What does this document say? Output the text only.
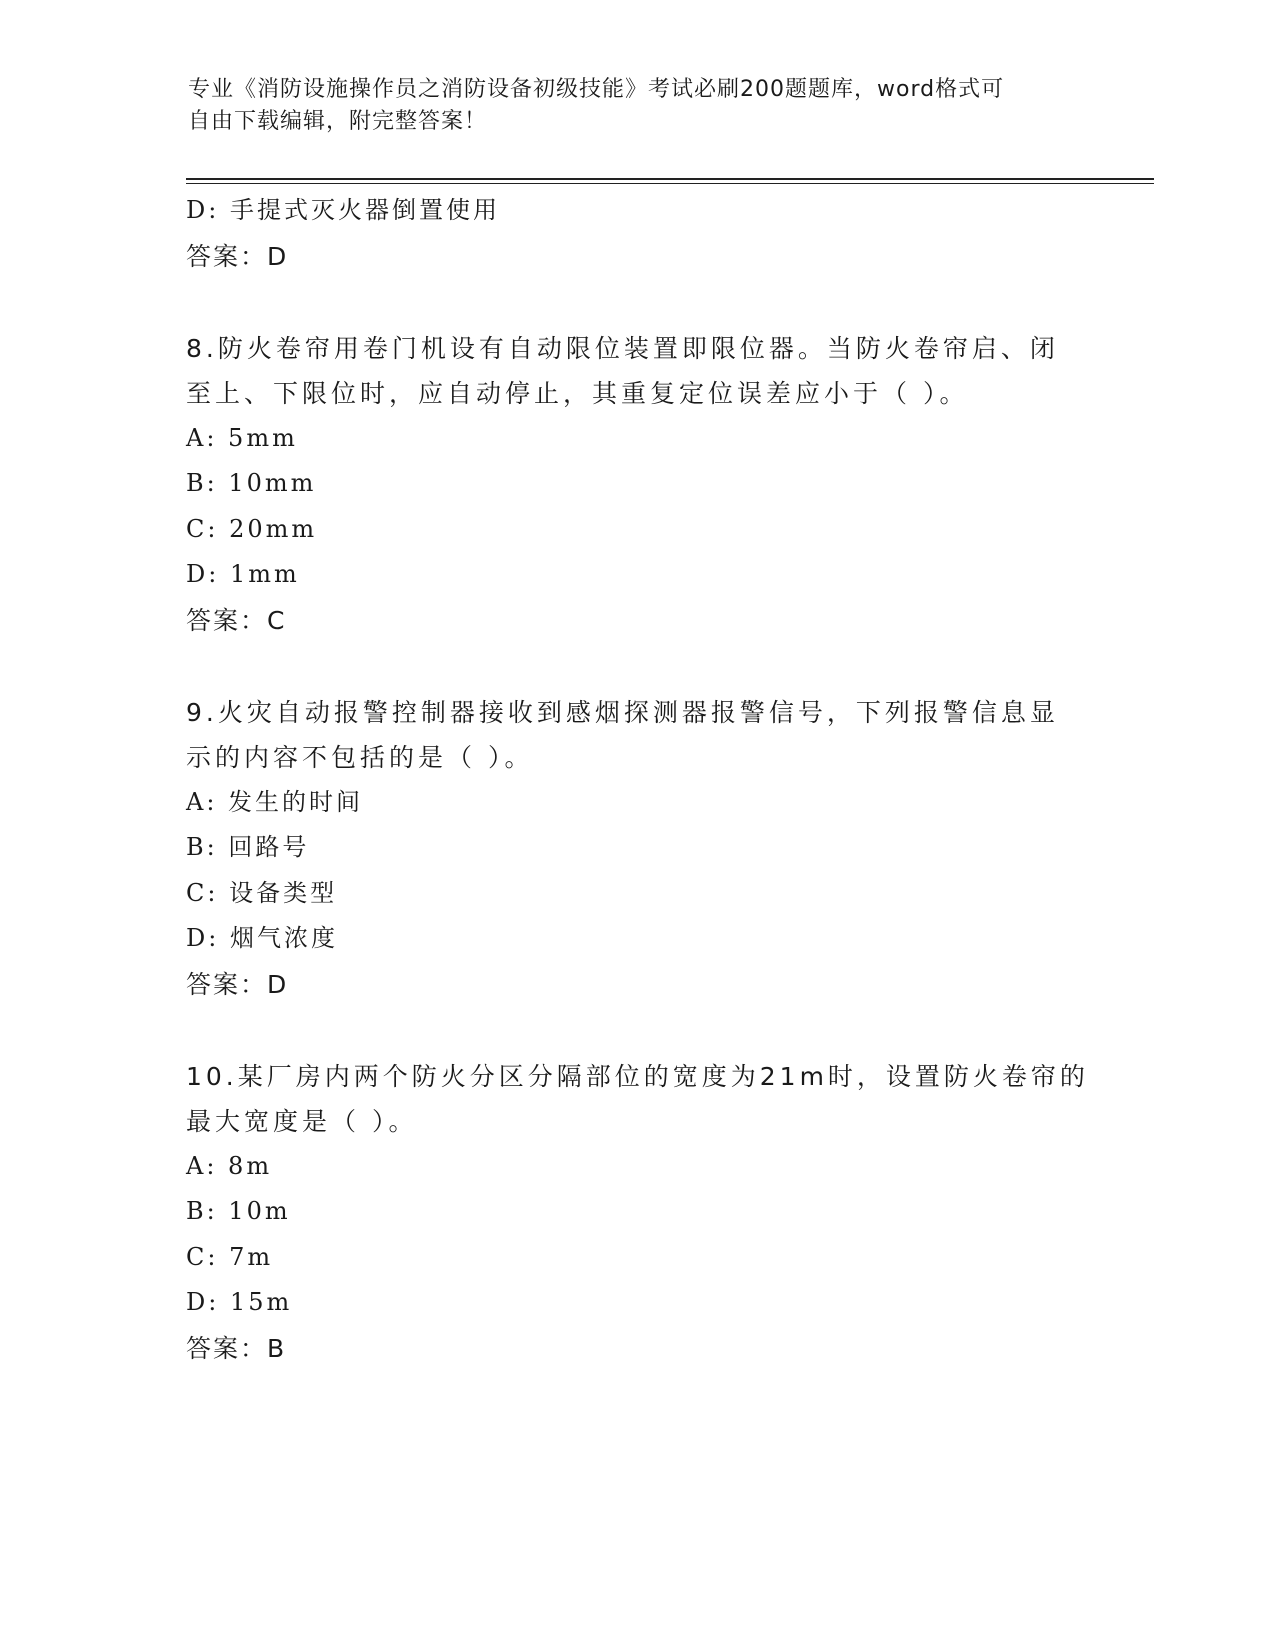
专业《消防设施操作员之消防设备初级技能》考试必刷200题题库，word格式可
自由下载编辑，附完整答案！
D: 手提式灭火器倒置使用
答案：D
8.防火卷帘用卷门机设有自动限位装置即限位器。当防火卷帘启、闭
至上、下限位时，应自动停止，其重复定位误差应小于（ ）。
A: 5mm
B: 10mm
C: 20mm
D: 1mm
答案：C
9.火灾自动报警控制器接收到感烟探测器报警信号，下列报警信息显
示的内容不包括的是（ ）。
A: 发生的时间
B: 回路号
C: 设备类型
D: 烟气浓度
答案：D
10.某厂房内两个防火分区分隔部位的宽度为21m时，设置防火卷帘的
最大宽度是（ ）。
A: 8m
B: 10m
C: 7m
D: 15m
答案：B
